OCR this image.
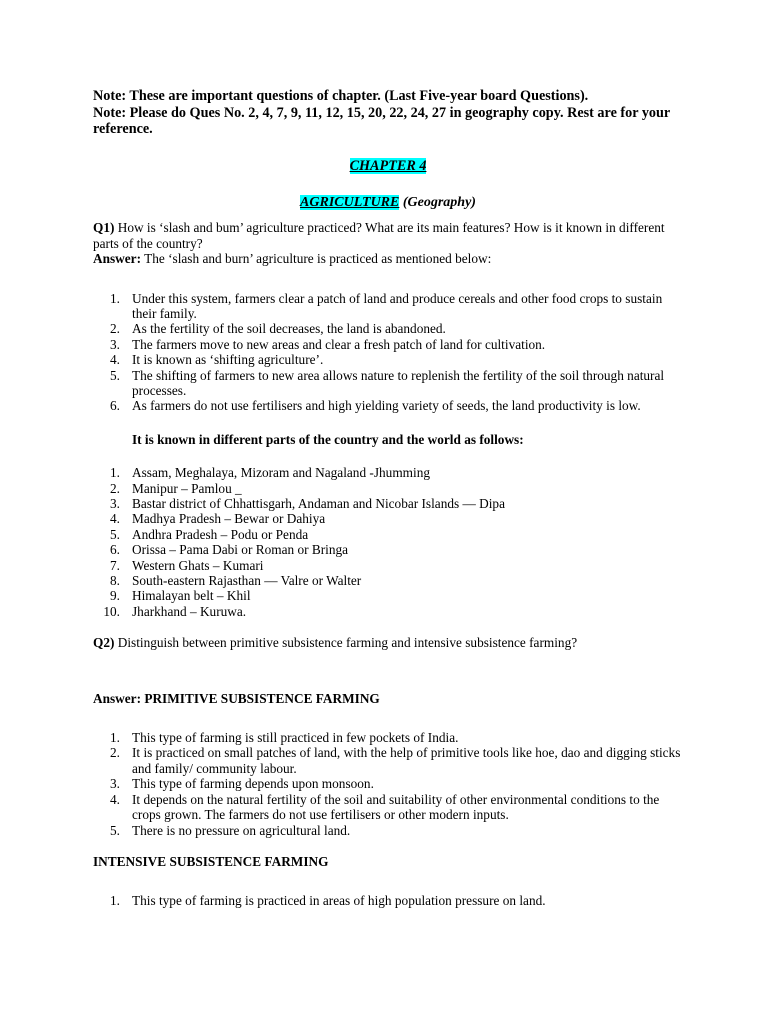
Note: These are important questions of chapter. (Last Five-year board Questions).
Note: Please do Ques No. 2, 4, 7, 9, 11, 12, 15, 20, 22, 24, 27 in geography copy. Rest are for your reference.
CHAPTER 4
AGRICULTURE (Geography)
Q1) How is ‘slash and bum’ agriculture practiced? What are its main features? How is it known in different parts of the country?
Answer: The ‘slash and burn’ agriculture is practiced as mentioned below:
1. Under this system, farmers clear a patch of land and produce cereals and other food crops to sustain their family.
2. As the fertility of the soil decreases, the land is abandoned.
3. The farmers move to new areas and clear a fresh patch of land for cultivation.
4. It is known as ‘shifting agriculture’.
5. The shifting of farmers to new area allows nature to replenish the fertility of the soil through natural processes.
6. As farmers do not use fertilisers and high yielding variety of seeds, the land productivity is low.
It is known in different parts of the country and the world as follows:
1. Assam, Meghalaya, Mizoram and Nagaland -Jhumming
2. Manipur – Pamlou _
3. Bastar district of Chhattisgarh, Andaman and Nicobar Islands — Dipa
4. Madhya Pradesh – Bewar or Dahiya
5. Andhra Pradesh – Podu or Penda
6. Orissa – Pama Dabi or Roman or Bringa
7. Western Ghats – Kumari
8. South-eastern Rajasthan — Valre or Walter
9. Himalayan belt – Khil
10. Jharkhand – Kuruwa.
Q2) Distinguish between primitive subsistence farming and intensive subsistence farming?
Answer: PRIMITIVE SUBSISTENCE FARMING
1. This type of farming is still practiced in few pockets of India.
2. It is practiced on small patches of land, with the help of primitive tools like hoe, dao and digging sticks and family/ community labour.
3. This type of farming depends upon monsoon.
4. It depends on the natural fertility of the soil and suitability of other environmental conditions to the crops grown. The farmers do not use fertilisers or other modern inputs.
5. There is no pressure on agricultural land.
INTENSIVE SUBSISTENCE FARMING
1. This type of farming is practiced in areas of high population pressure on land.
